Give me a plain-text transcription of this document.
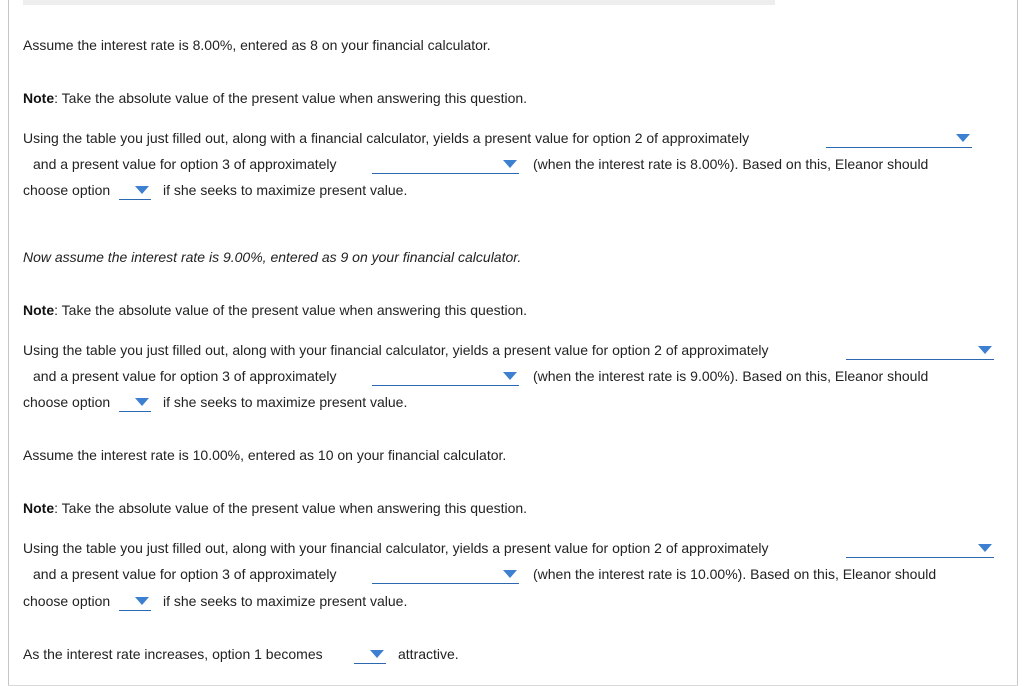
Assume the interest rate is 8.00%, entered as 8 on your financial calculator.
Note: Take the absolute value of the present value when answering this question.
Using the table you just filled out, along with a financial calculator, yields a present value for option 2 of approximately
and a present value for option 3 of approximately	(when the interest rate is 8.00%). Based on this, Eleanor should
choose option	if she seeks to maximize present value.
Now assume the interest rate is 9.00%, entered as 9 on your financial calculator.
Note: Take the absolute value of the present value when answering this question.
Using the table you just filled out, along with your financial calculator, yields a present value for option 2 of approximately
and a present value for option 3 of approximately	(when the interest rate is 9.00%). Based on this, Eleanor should
choose option	if she seeks to maximize present value.
Assume the interest rate is 10.00%, entered as 10 on your financial calculator.
Note: Take the absolute value of the present value when answering this question.
Using the table you just filled out, along with your financial calculator, yields a present value for option 2 of approximately
and a present value for option 3 of approximately	(when the interest rate is 10.00%). Based on this, Eleanor should
choose option	if she seeks to maximize present value.
As the interest rate increases, option 1 becomes	attractive.
